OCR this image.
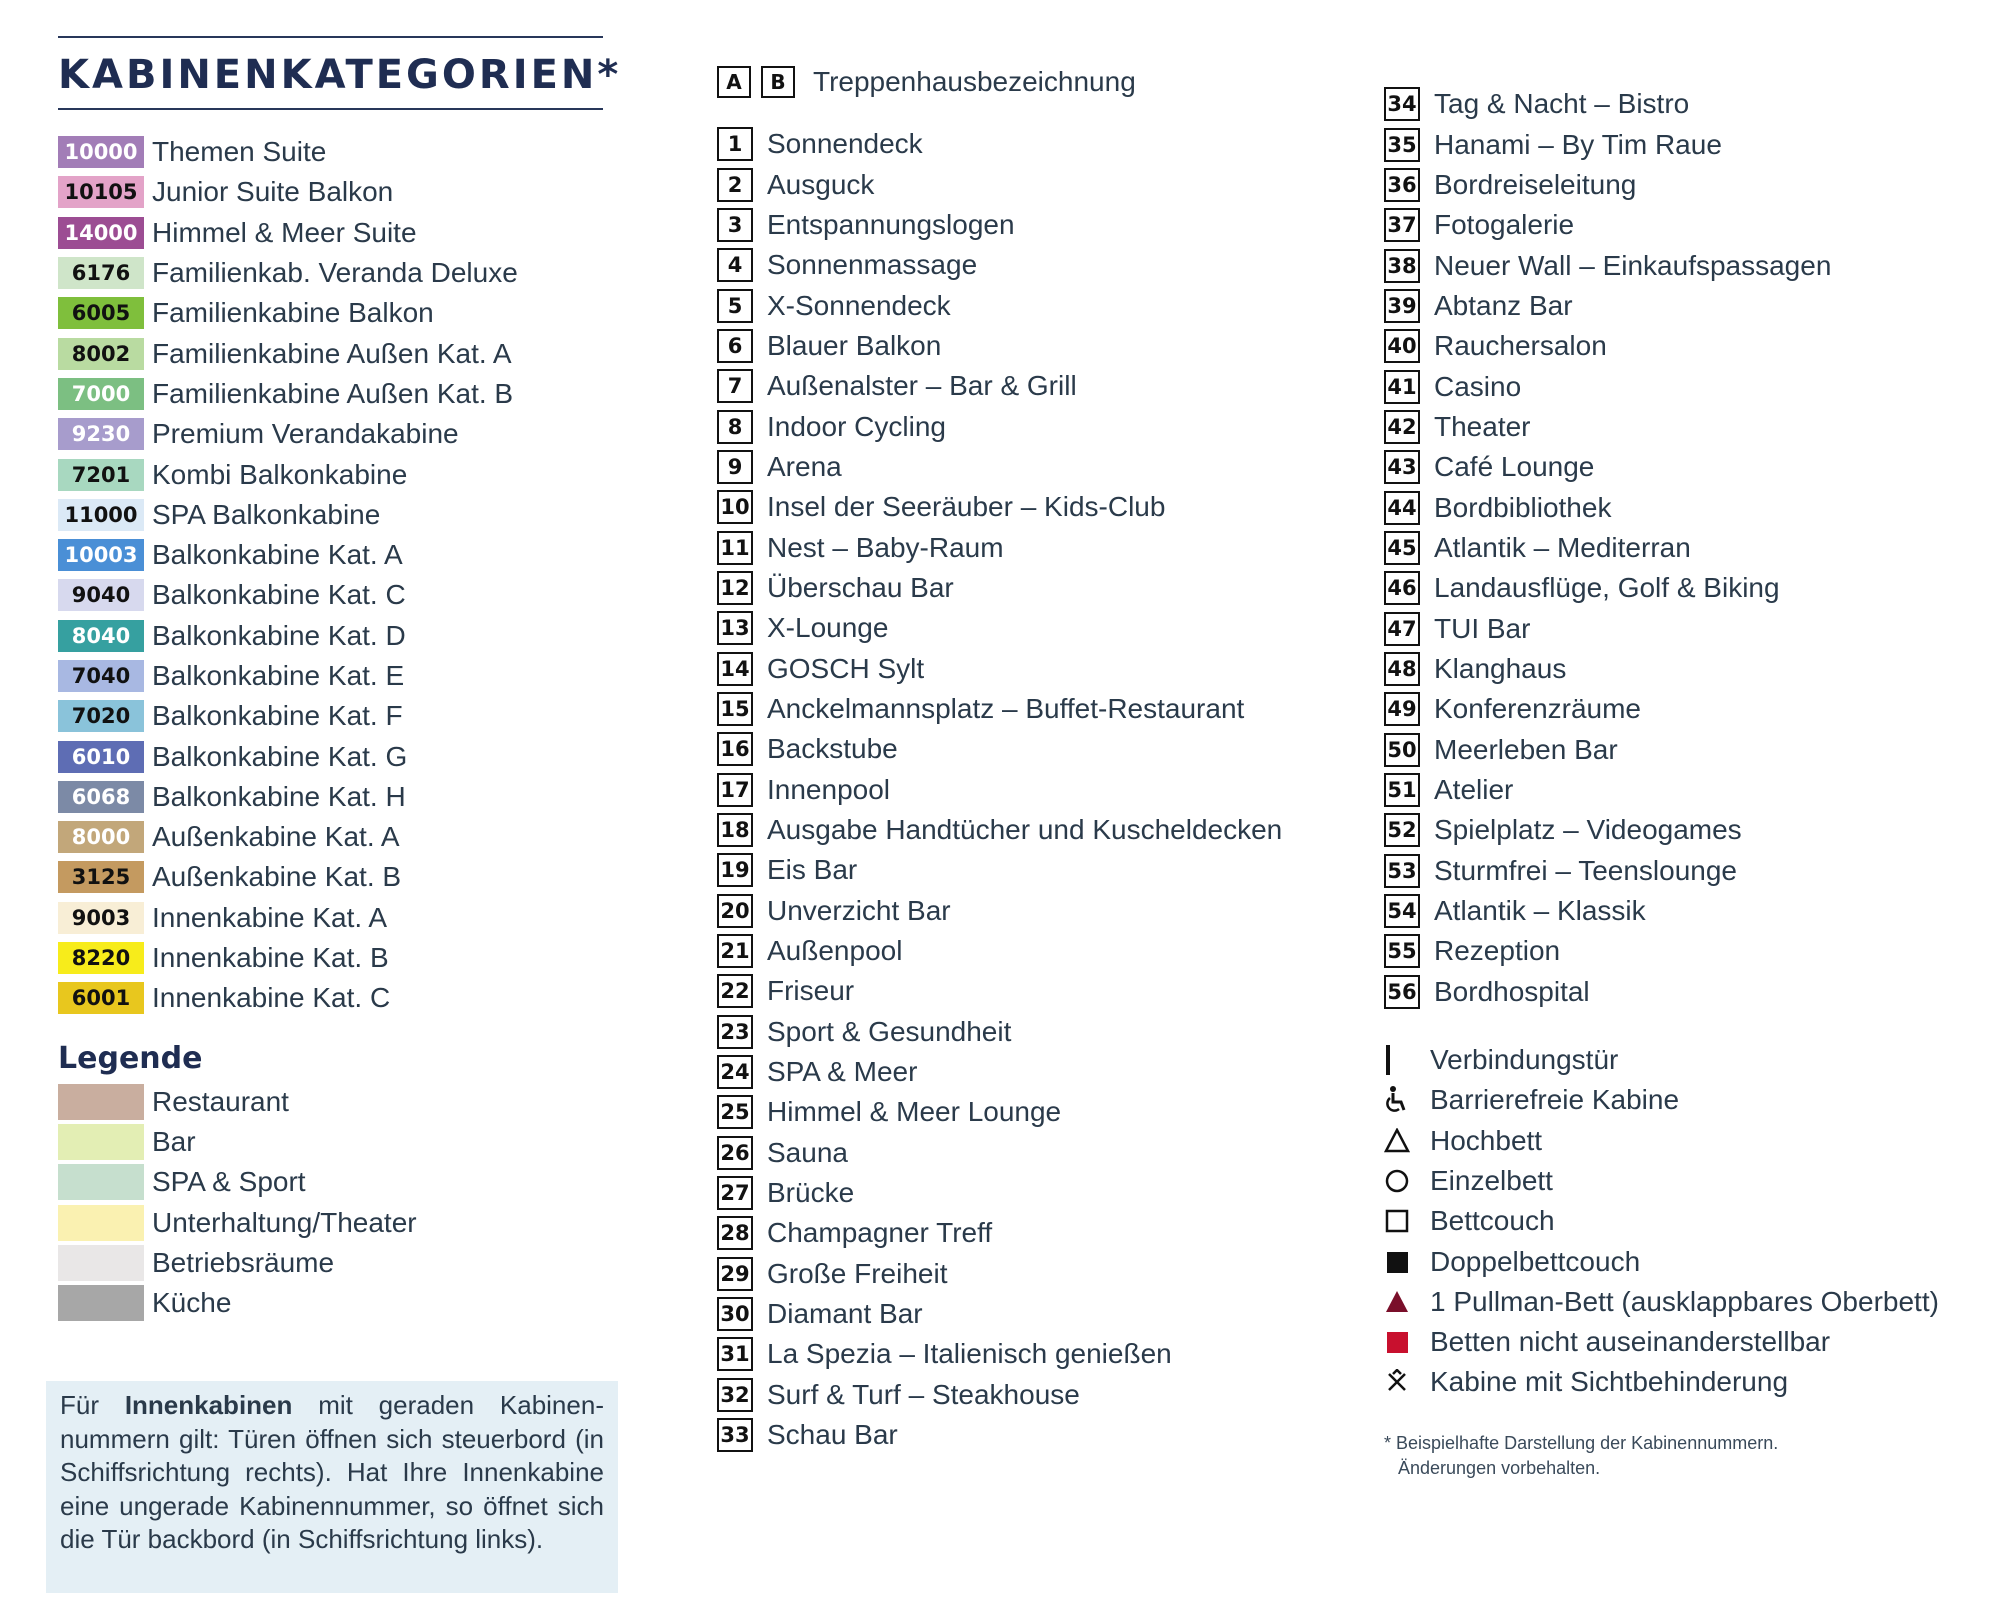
KABINENKATEGORIEN*
10000 Themen Suite
10105 Junior Suite Balkon
14000 Himmel & Meer Suite
6176 Familienkab. Veranda Deluxe
6005 Familienkabine Balkon
8002 Familienkabine Außen Kat. A
7000 Familienkabine Außen Kat. B
9230 Premium Verandakabine
7201 Kombi Balkonkabine
11000 SPA Balkonkabine
10003 Balkonkabine Kat. A
9040 Balkonkabine Kat. C
8040 Balkonkabine Kat. D
7040 Balkonkabine Kat. E
7020 Balkonkabine Kat. F
6010 Balkonkabine Kat. G
6068 Balkonkabine Kat. H
8000 Außenkabine Kat. A
3125 Außenkabine Kat. B
9003 Innenkabine Kat. A
8220 Innenkabine Kat. B
6001 Innenkabine Kat. C
Legende
Restaurant
Bar
SPA & Sport
Unterhaltung/Theater
Betriebsräume
Küche
Für Innenkabinen mit geraden Kabinennummern gilt: Türen öffnen sich steuerbord (in Schiffsrichtung rechts). Hat Ihre Innenkabine eine ungerade Kabinennummer, so öffnet sich die Tür backbord (in Schiffsrichtung links).
A	B Treppenhausbezeichnung
1 Sonnendeck
2 Ausguck
3 Entspannungslogen
4 Sonnenmassage
5 X-Sonnendeck
6 Blauer Balkon
7 Außenalster – Bar & Grill
8 Indoor Cycling
9 Arena
10 Insel der Seeräuber – Kids-Club
11 Nest – Baby-Raum
12 Überschau Bar
13 X-Lounge
14 GOSCH Sylt
15 Anckelmannsplatz – Buffet-Restaurant
16 Backstube
17 Innenpool
18 Ausgabe Handtücher und Kuscheldecken
19 Eis Bar
20 Unverzicht Bar
21 Außenpool
22 Friseur
23 Sport & Gesundheit
24 SPA & Meer
25 Himmel & Meer Lounge
26 Sauna
27 Brücke
28 Champagner Treff
29 Große Freiheit
30 Diamant Bar
31 La Spezia – Italienisch genießen
32 Surf & Turf – Steakhouse
33 Schau Bar
34 Tag & Nacht – Bistro
35 Hanami – By Tim Raue
36 Bordreiseleitung
37 Fotogalerie
38 Neuer Wall – Einkaufspassagen
39 Abtanz Bar
40 Rauchersalon
41 Casino
42 Theater
43 Café Lounge
44 Bordbibliothek
45 Atlantik – Mediterran
46 Landausflüge, Golf & Biking
47 TUI Bar
48 Klanghaus
49 Konferenzräume
50 Meerleben Bar
51 Atelier
52 Spielplatz – Videogames
53 Sturmfrei – Teenslounge
54 Atlantik – Klassik
55 Rezeption
56 Bordhospital
Verbindungstür
Barrierefreie Kabine
Hochbett
Einzelbett
Bettcouch
Doppelbettcouch
1 Pullman-Bett (ausklappbares Oberbett)
Betten nicht auseinanderstellbar
Kabine mit Sichtbehinderung
* Beispielhafte Darstellung der Kabinennummern.
Änderungen vorbehalten.
